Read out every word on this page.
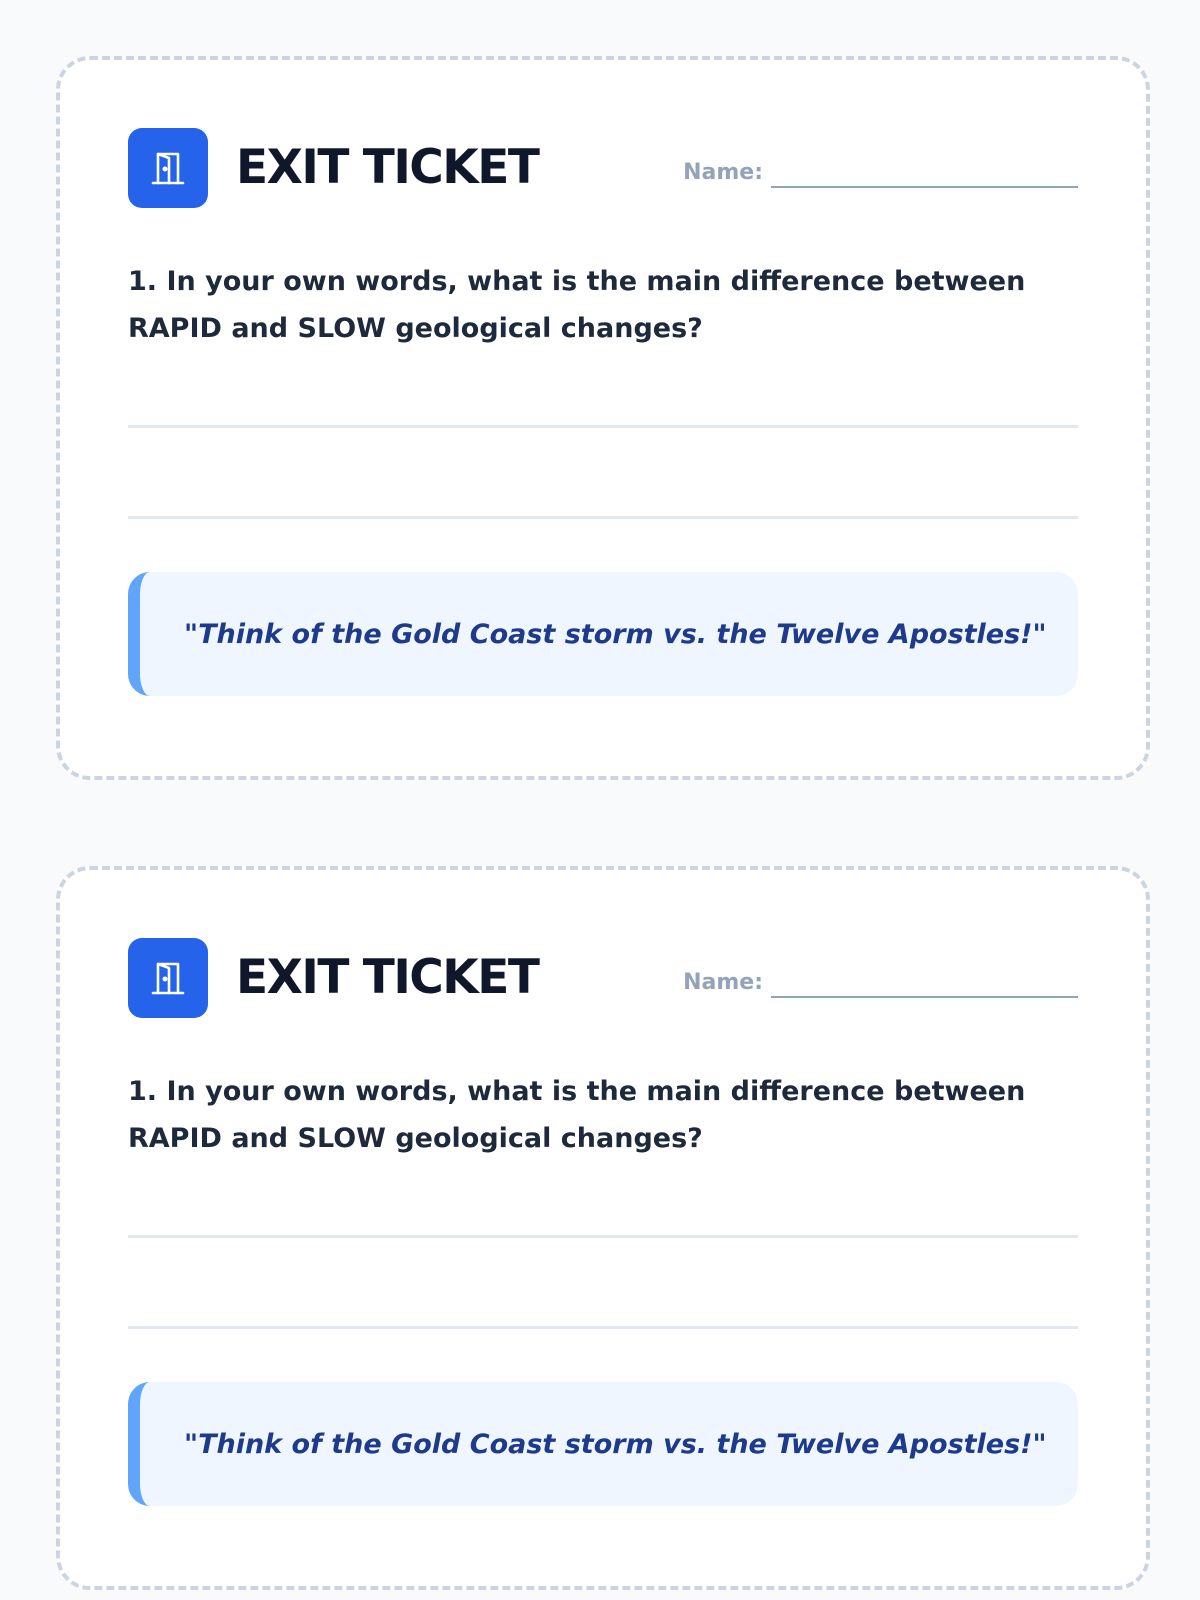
EXIT TICKET	Name:

1. In your own words, what is the main difference between RAPID and SLOW geological changes?

"Think of the Gold Coast storm vs. the Twelve Apostles!"
EXIT TICKET	Name:

1. In your own words, what is the main difference between RAPID and SLOW geological changes?

"Think of the Gold Coast storm vs. the Twelve Apostles!"
